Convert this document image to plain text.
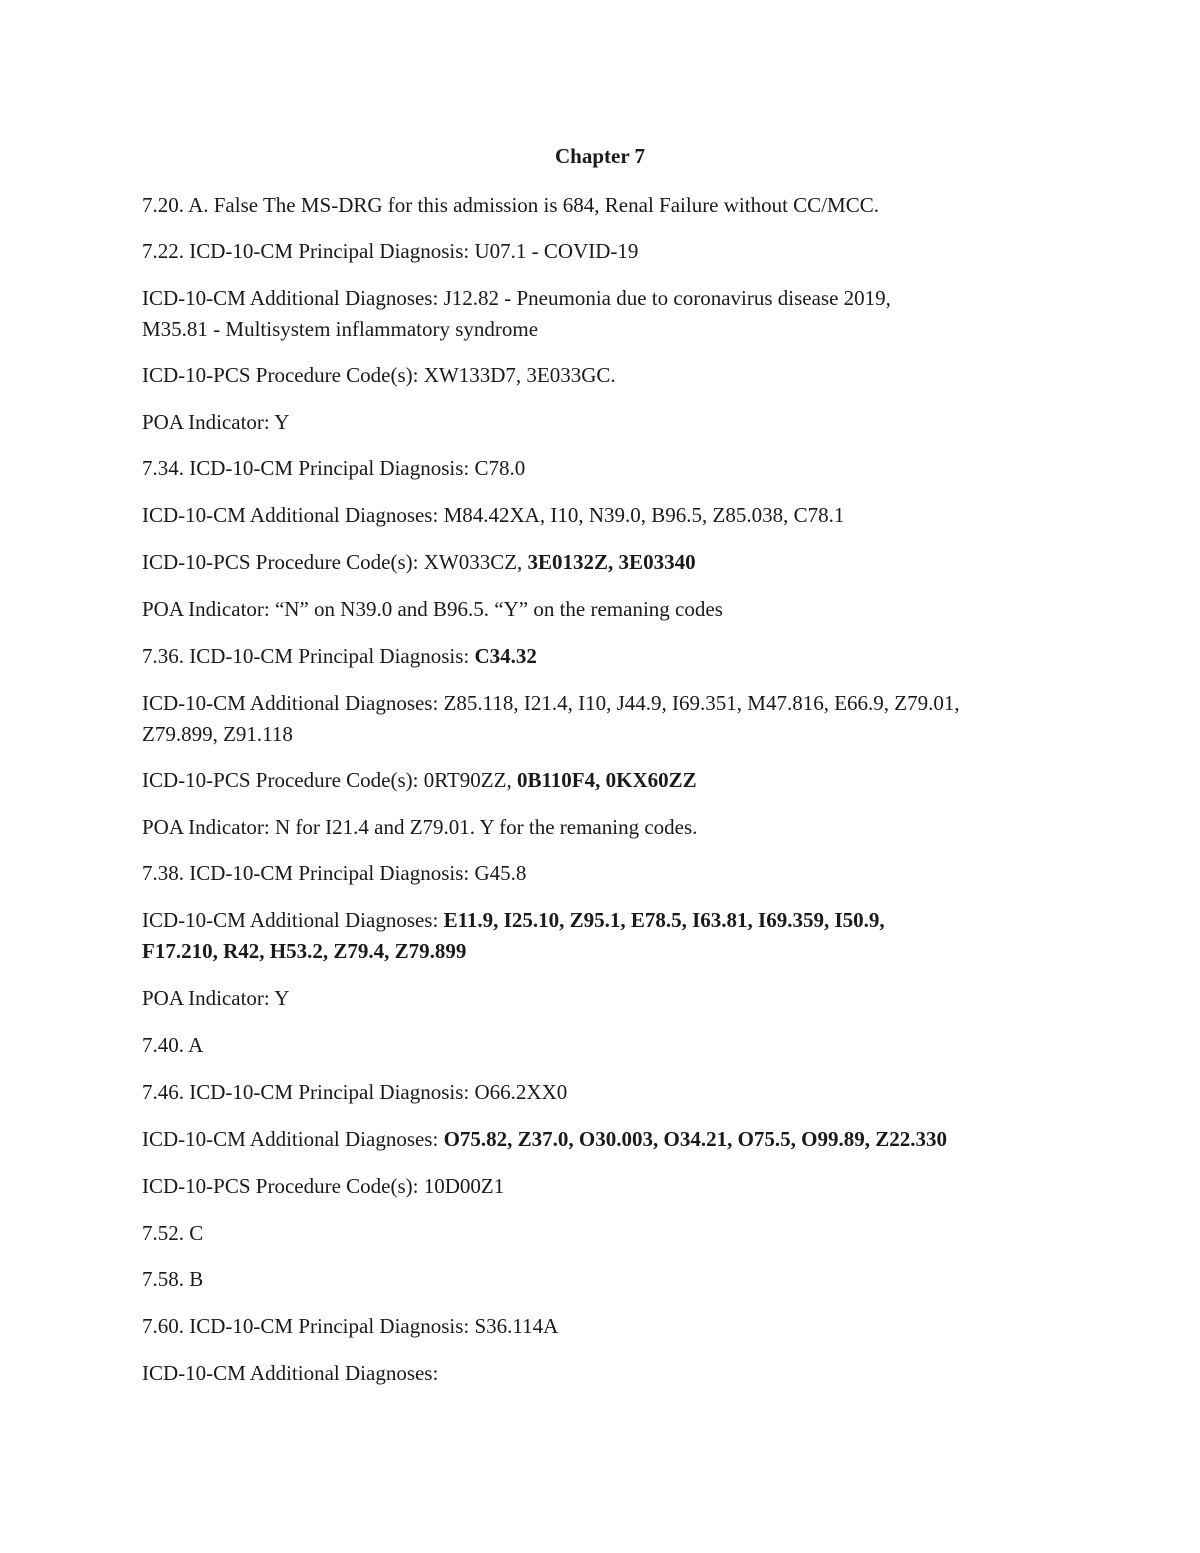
Chapter 7
7.20. A. False The MS-DRG for this admission is 684, Renal Failure without CC/MCC.
7.22. ICD-10-CM Principal Diagnosis: U07.1 - COVID-19
ICD-10-CM Additional Diagnoses: J12.82 - Pneumonia due to coronavirus disease 2019,
M35.81 - Multisystem inflammatory syndrome
ICD-10-PCS Procedure Code(s): XW133D7, 3E033GC.
POA Indicator: Y
7.34. ICD-10-CM Principal Diagnosis: C78.0
ICD-10-CM Additional Diagnoses: M84.42XA, I10, N39.0, B96.5, Z85.038, C78.1
ICD-10-PCS Procedure Code(s): XW033CZ, 3E0132Z, 3E03340
POA Indicator: “N” on N39.0 and B96.5. “Y” on the remaning codes
7.36. ICD-10-CM Principal Diagnosis: C34.32
ICD-10-CM Additional Diagnoses: Z85.118, I21.4, I10, J44.9, I69.351, M47.816, E66.9, Z79.01,
Z79.899, Z91.118
ICD-10-PCS Procedure Code(s): 0RT90ZZ, 0B110F4, 0KX60ZZ
POA Indicator: N for I21.4 and Z79.01. Y for the remaning codes.
7.38. ICD-10-CM Principal Diagnosis: G45.8
ICD-10-CM Additional Diagnoses: E11.9, I25.10, Z95.1, E78.5, I63.81, I69.359, I50.9,
F17.210, R42, H53.2, Z79.4, Z79.899
POA Indicator: Y
7.40. A
7.46. ICD-10-CM Principal Diagnosis: O66.2XX0
ICD-10-CM Additional Diagnoses: O75.82, Z37.0, O30.003, O34.21, O75.5, O99.89, Z22.330
ICD-10-PCS Procedure Code(s): 10D00Z1
7.52. C
7.58. B
7.60. ICD-10-CM Principal Diagnosis: S36.114A
ICD-10-CM Additional Diagnoses:
